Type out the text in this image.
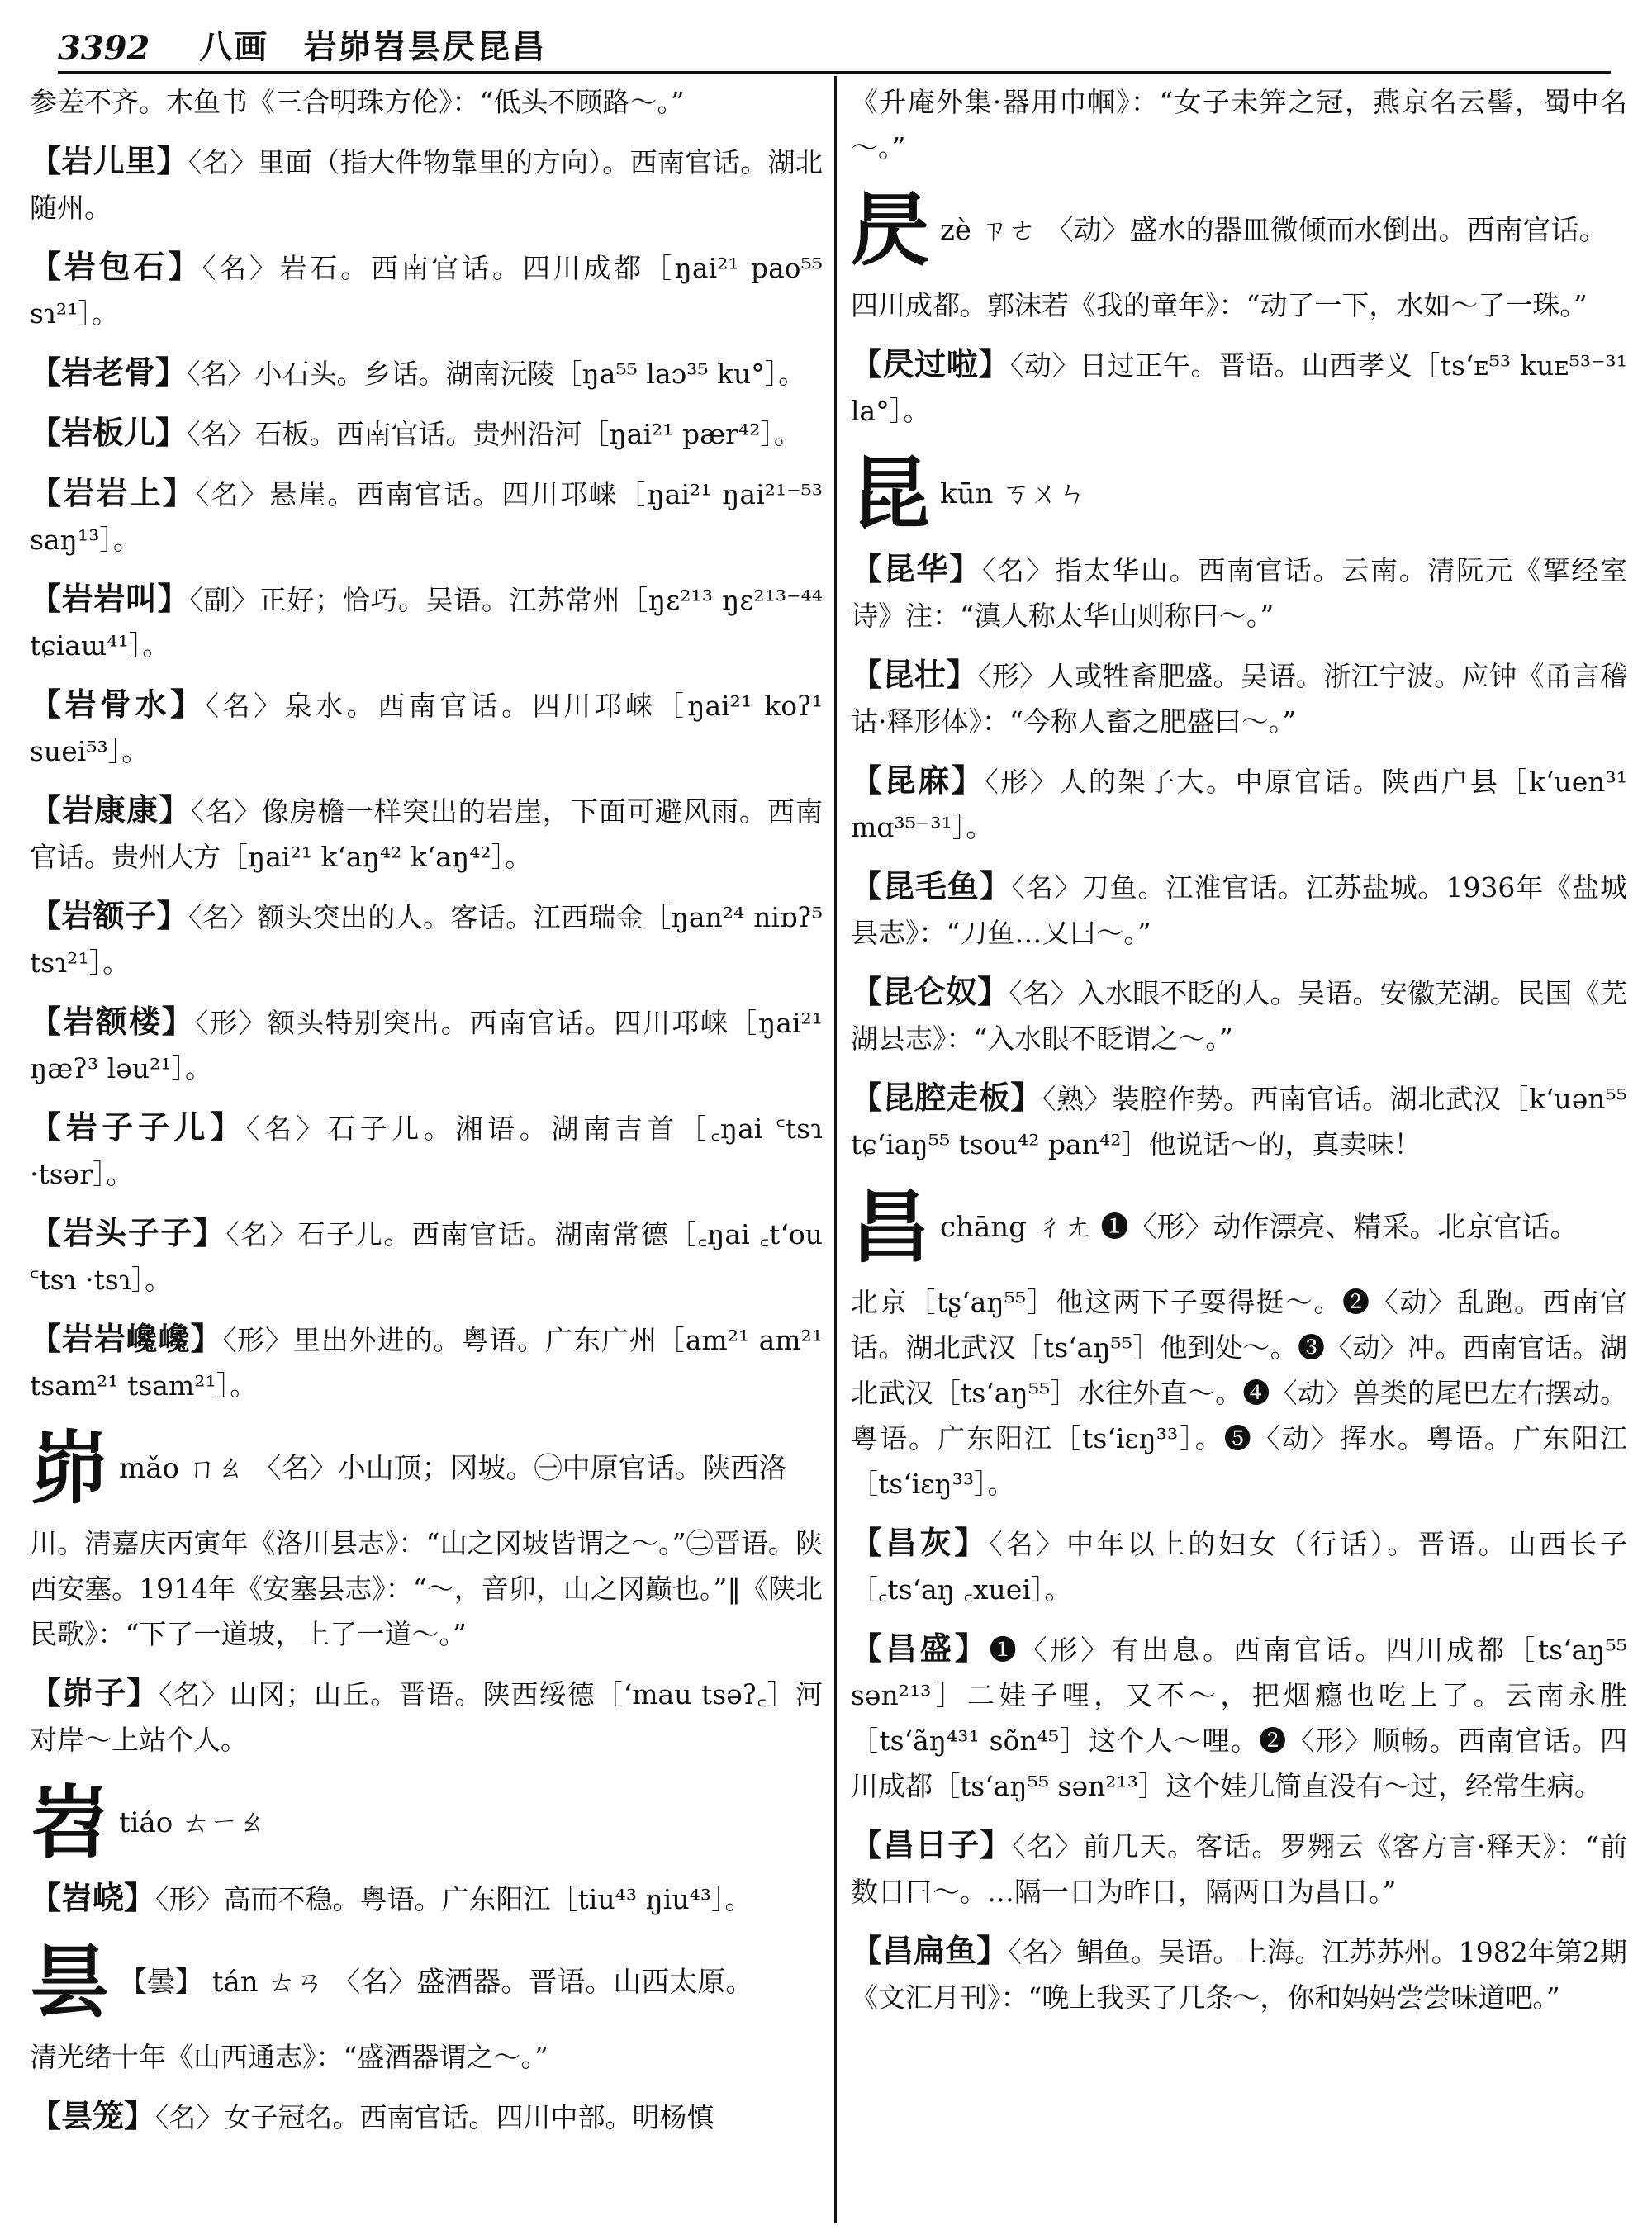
3392 八画　岩峁岧昙昃昆昌
参差不齐。木鱼书《三合明珠方伦》：“低头不顾路～。”
【岩儿里】〈名〉里面（指大件物靠里的方向）。西南官话。湖北随州。
【岩包石】〈名〉岩石。西南官话。四川成都［ŋai²¹ pao⁵⁵ sɿ²¹］。
【岩老骨】〈名〉小石头。乡话。湖南沅陵［ŋa⁵⁵ laɔ³⁵ ku°］。
【岩板儿】〈名〉石板。西南官话。贵州沿河［ŋai²¹ pær⁴²］。
【岩岩上】〈名〉悬崖。西南官话。四川邛崃［ŋai²¹ ŋai²¹⁻⁵³ saŋ¹³］。
【岩岩叫】〈副〉正好；恰巧。吴语。江苏常州［ŋɛ²¹³ ŋɛ²¹³⁻⁴⁴ tɕiaɯ⁴¹］。
【岩骨水】〈名〉泉水。西南官话。四川邛崃［ŋai²¹ koʔ¹ suei⁵³］。
【岩康康】〈名〉像房檐一样突出的岩崖，下面可避风雨。西南官话。贵州大方［ŋai²¹ k‘aŋ⁴² k‘aŋ⁴²］。
【岩额子】〈名〉额头突出的人。客话。江西瑞金［ŋan²⁴ niɒʔ⁵ tsɿ²¹］。
【岩额楼】〈形〉额头特别突出。西南官话。四川邛崃［ŋai²¹ ŋæʔ³ ləu²¹］。
【岩子子儿】〈名〉石子儿。湘语。湖南吉首［꜀ŋai ꜂tsɿ ·tsər］。
【岩头子子】〈名〉石子儿。西南官话。湖南常德［꜀ŋai ꜀t‘ou ꜂tsɿ ·tsɿ］。
【岩岩巉巉】〈形〉里出外进的。粤语。广东广州［am²¹ am²¹ tsam²¹ tsam²¹］。
峁mǎo ㄇㄠ 〈名〉小山顶；冈坡。㊀中原官话。陕西洛
川。清嘉庆丙寅年《洛川县志》：“山之冈坡皆谓之～。”㊁晋语。陕西安塞。1914年《安塞县志》：“～，音卯，山之冈巅也。”‖《陕北民歌》：“下了一道坡，上了一道～。”
【峁子】〈名〉山冈；山丘。晋语。陕西绥德［‘mau tsəʔ꜀］河对岸～上站个人。
岧tiáo ㄊㄧㄠ
【岧峣】〈形〉高而不稳。粤语。广东阳江［tiu⁴³ ŋiu⁴³］。
昙 【曇】 tán ㄊㄢ 〈名〉盛酒器。晋语。山西太原。
清光绪十年《山西通志》：“盛酒器谓之～。”
【昙笼】〈名〉女子冠名。西南官话。四川中部。明杨慎
《升庵外集·器用巾帼》：“女子未笄之冠，燕京名云髻，蜀中名～。”
昃zè ㄗㄜ 〈动〉盛水的器皿微倾而水倒出。西南官话。
四川成都。郭沫若《我的童年》：“动了一下，水如～了一珠。”
【昃过啦】〈动〉日过正午。晋语。山西孝义［ts‘ᴇ⁵³ kuᴇ⁵³⁻³¹ la°］。
昆kūn ㄎㄨㄣ
【昆华】〈名〉指太华山。西南官话。云南。清阮元《揅经室诗》注：“滇人称太华山则称曰～。”
【昆壮】〈形〉人或牲畜肥盛。吴语。浙江宁波。应钟《甬言稽诂·释形体》：“今称人畜之肥盛曰～。”
【昆麻】〈形〉人的架子大。中原官话。陕西户县［k‘uen³¹ mɑ³⁵⁻³¹］。
【昆毛鱼】〈名〉刀鱼。江淮官话。江苏盐城。1936年《盐城县志》：“刀鱼…又曰～。”
【昆仑奴】〈名〉入水眼不眨的人。吴语。安徽芜湖。民国《芜湖县志》：“入水眼不眨谓之～。”
【昆腔走板】〈熟〉装腔作势。西南官话。湖北武汉［k‘uən⁵⁵ tɕ‘iaŋ⁵⁵ tsou⁴² pan⁴²］他说话～的，真卖味！
昌chāng ㄔㄤ ❶〈形〉动作漂亮、精采。北京官话。
北京［tʂ‘aŋ⁵⁵］他这两下子耍得挺～。❷〈动〉乱跑。西南官话。湖北武汉［ts‘aŋ⁵⁵］他到处～。❸〈动〉冲。西南官话。湖北武汉［ts‘aŋ⁵⁵］水往外直～。❹〈动〉兽类的尾巴左右摆动。粤语。广东阳江［ts‘iɛŋ³³］。❺〈动〉挥水。粤语。广东阳江［ts‘iɛŋ³³］。
【昌灰】〈名〉中年以上的妇女（行话）。晋语。山西长子［꜀ts‘aŋ ꜀xuei］。
【昌盛】❶〈形〉有出息。西南官话。四川成都［ts‘aŋ⁵⁵ sən²¹³］二娃子哩，又不～，把烟瘾也吃上了。云南永胜［ts‘ãŋ⁴³¹ sõn⁴⁵］这个人～哩。❷〈形〉顺畅。西南官话。四川成都［ts‘aŋ⁵⁵ sən²¹³］这个娃儿简直没有～过，经常生病。
【昌日子】〈名〉前几天。客话。罗翙云《客方言·释天》：“前数日曰～。…隔一日为昨日，隔两日为昌日。”
【昌扁鱼】〈名〉鲳鱼。吴语。上海。江苏苏州。1982年第2期《文汇月刊》：“晚上我买了几条～，你和妈妈尝尝味道吧。”
